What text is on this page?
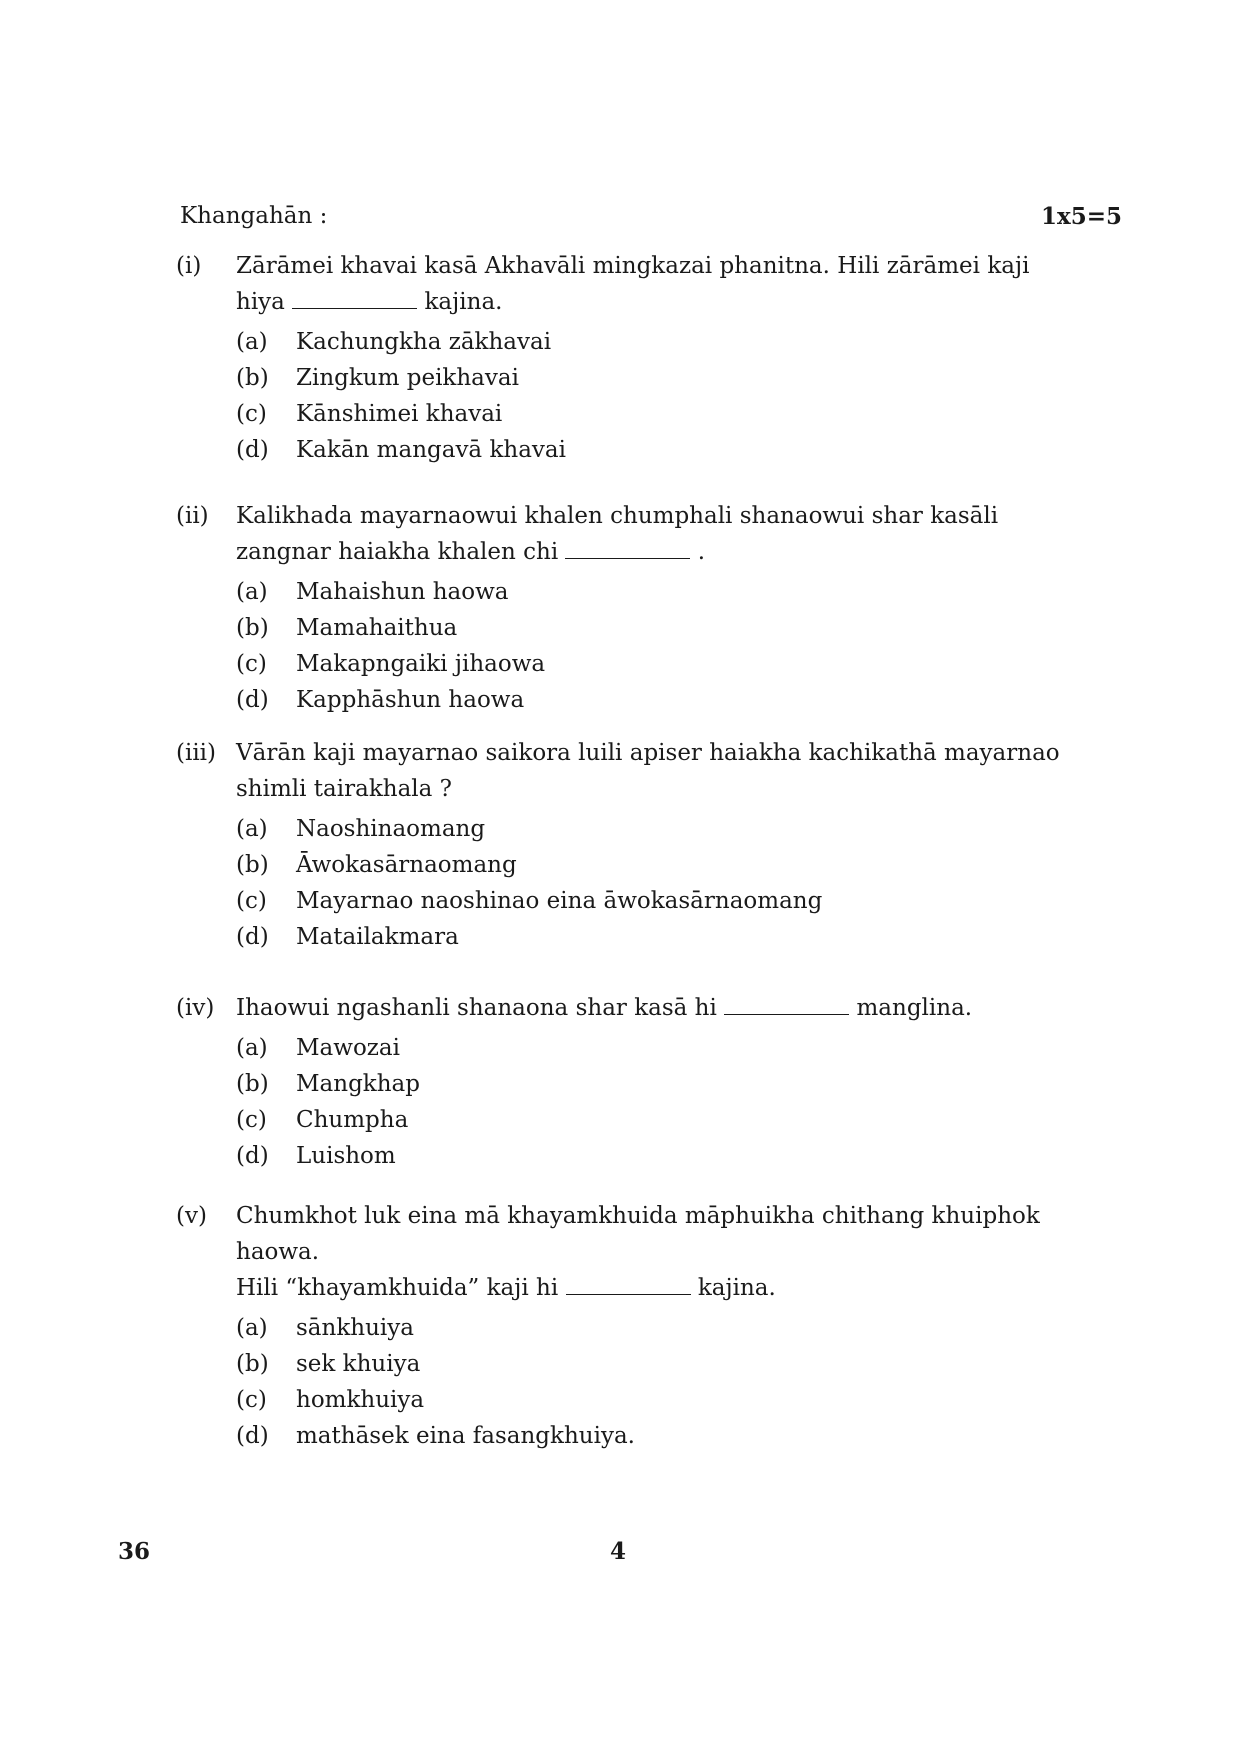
Khangahān :	1x5=5
(i) Zārāmei khavai kasā Akhavāli mingkazai phanitna. Hili zārāmei kaji hiya	kajina.
(a)	Kachungkha zākhavai
(b)	Zingkum peikhavai
(c)	Kānshimei khavai
(d)	Kakān mangavā khavai
(ii) Kalikhada mayarnaowui khalen chumphali shanaowui shar kasāli zangnar haiakha khalen chi	.
(a)	Mahaishun haowa
(b)	Mamahaithua
(c)	Makapngaiki jihaowa
(d)	Kapphāshun haowa
(iii) Vārān kaji mayarnao saikora luili apiser haiakha kachikathā mayarnao shimli tairakhala ?
(a)	Naoshinaomang
(b)	Āwokasārnaomang
(c)	Mayarnao naoshinao eina āwokasārnaomang
(d)	Matailakmara
(iv) Ihaowui ngashanli shanaona shar kasā hi	manglina.
(a)	Mawozai
(b)	Mangkhap
(c)	Chumpha
(d)	Luishom
(v) Chumkhot luk eina mā khayamkhuida māphuikha chithang khuiphok haowa.
Hili “khayamkhuida” kaji hi	kajina.
(a)	sānkhuiya
(b)	sek khuiya
(c)	homkhuiya
(d)	mathāsek eina fasangkhuiya.
36	4
